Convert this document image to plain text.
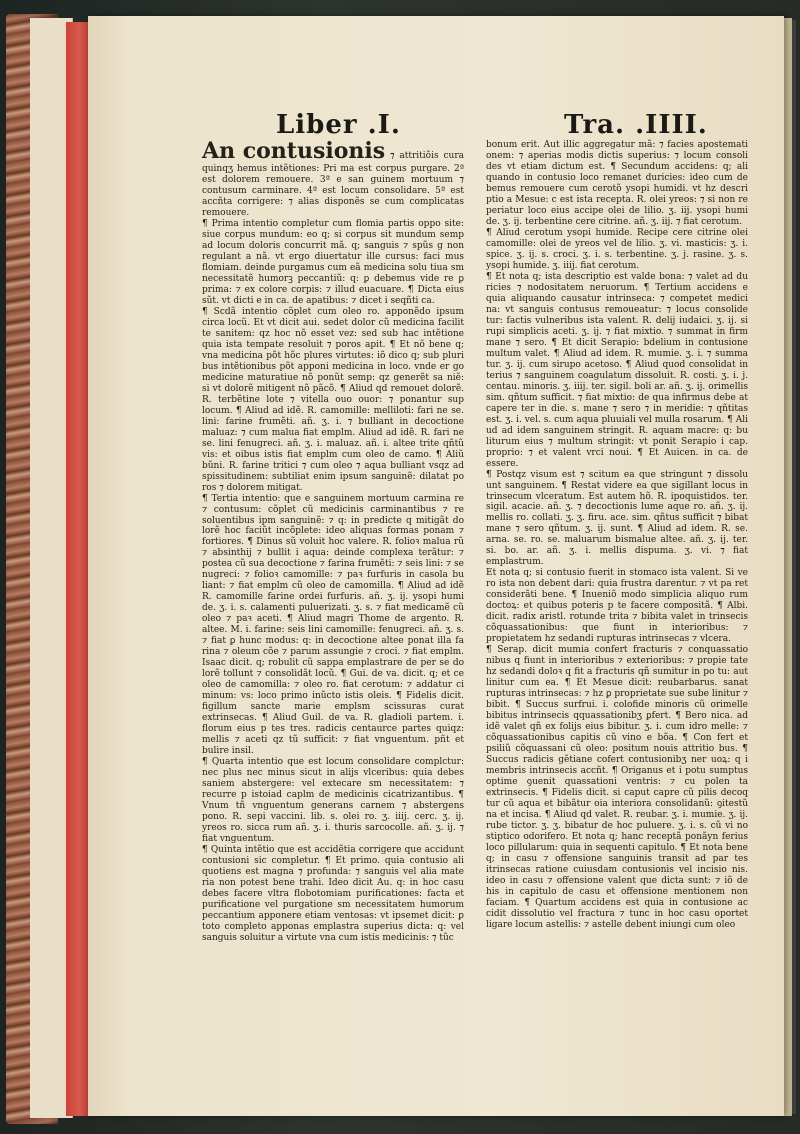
Liber .I.	Tra. .IIII.
An contusionis ⁊ attritiõis cura quinqʒ hemus intẽtiones: Pri ma est corpus purgare. 2ª est dolorem remouere. 3ª e san guinem mortuum ⁊ contusum carminare. 4ª est locum consolidare. 5ª est accñta corrigere: ⁊ alias disponẽs se cum complicatas remouere.

¶ Prima intentio completur cum flomia partis oppo site: siue corpus mundum: eo q; si corpus sit mundum semp ad locum doloris concurrit mã. q; sanguis ⁊ spũs g non regulant a nã. vt ergo diuertatur ille cursus: faci mus flomiam. deinde purgamus cum eã medicina solu tiua sm necessitatẽ humorꝫ peccantiũ: q: ꝑ debemus vide re ꝑ prima: ⁊ ex colore corpis: ⁊ illud euacuare. ¶ Dicta eius sũt. vt dicti e in ca. de apatibus: ⁊ dicet i seqñti ca.

¶ Scdã intentio cõplet cum oleo ro. apponẽdo ipsum circa locũ. Et vt dicit aui. sedet dolor cũ medicina facilit te sanitem: qz hoc nõ esset vez: sed sub hac intẽtione quia ista tempate resoluit ⁊ poros apit. ¶ Et nõ bene q; vna medicina põt hõc plures virtutes: iõ dico q; sub pluri bus intẽtionibus põt apponi medicina in loco. vnde er go medicine maturatiue nõ ponũt semp: qz generẽt sa niẽ: si vt dolorẽ mitigent nõ pãcõ. ¶ Aliud qd remouet dolorẽ. R. terbẽtine lote ⁊ vitella ouo ouor: ⁊ ponantur sup locum. ¶ Aliud ad idẽ. R. camomille: melliloti: fari ne se. lini: farine frumẽti. añ. ʒ. i. ⁊ bulliant in decoctione maluaz: ⁊ cum malua fiat emplm. Aliud ad idẽ. R. fari ne se. lini fenugreci. añ. ʒ. i. maluaz. añ. i. altee trite qñtũ vis: et oibus istis fiat emplm cum oleo de camo. ¶ Aliũ bũni. R. farine tritici ⁊ cum oleo ⁊ aqua bulliant vsqz ad spissitudinem: subtiliat enim ipsum sanguinẽ: dilatat po ros ⁊ dolorem mitigat.

¶ Tertia intentio: que e sanguinem mortuum carmina re ⁊ contusum: cõplet cũ medicinis carminantibus ⁊ re soluentibus ipm sanguinẽ: ⁊ q: in predicte q mitigãt do lorẽ hoc faciũt incõplete: ideo aliquas formas ponam ⁊ fortiores. ¶ Dinus sũ voluit hoc valere. R. folioꝛ malua rũ ⁊ absinthij ⁊ bullit i aqua: deinde complexa terãtur: ⁊ postea cũ sua decoctione ⁊ farina frumẽti: ⁊ seis lini: ⁊ se nugreci: ⁊ folioꝛ camomille: ⁊ paꝛ furfuris in casola bu liant: ⁊ fiat emplm cũ oleo de camomilla. ¶ Aliud ad idẽ R. camomille farine ordei furfuris. añ. ʒ. ij. ysopi humi de. ʒ. i. s. calamenti puluerizati. ʒ. s. ⁊ fiat medicamẽ cũ oleo ⁊ paꝛ aceti. ¶ Aliud magri Thome de argento. R. altee. M. i. farine: seis lini camomille: fenugreci. añ. ʒ. s. ⁊ fiat ꝑ hunc modus: q: in decoctione altee ponat illa fa rina ⁊ oleum cõe ⁊ parum assungie ⁊ croci. ⁊ fiat emplm. Isaac dicit. q; robulit cũ sappa emplastrare de per se do lorẽ tollunt ⁊ consolidãt locũ. ¶ Gui. de va. dicit. q; et ce oleo de camomilla: ⁊ oleo ro. fiat cerotum: ⁊ addatur ci minum: vs: loco primo inũcto istis oleis. ¶ Fidelis dicit. figillum sancte marie emplsm scissuras curat extrinsecas. ¶ Aliud Guil. de va. R. gladioli partem. i. florum eius p tes tres. radicis centaurce partes quiqz: mellis ⁊ aceti qz tũ sufficit: ⁊ fiat vnguentum. pñt et bulire insil.

¶ Quarta intentio que est locum consolidare complctur: nec plus nec minus sicut in alijs vlceribus: quia debes saniem abstergere: vel extecare sm necessitatem: ⁊ recurre p istoiad caplm de medicinis cicatrizantibus. ¶ Vnum tñ vnguentum generans carnem ⁊ abstergens pono. R. sepi vaccini. lib. s. olei ro. ʒ. iiij. cerc. ʒ. ij. yreos ro. sicca rum añ. ʒ. i. thuris sarcocolle. añ. ʒ. ij. ⁊ fiat vnguentum.

¶ Quinta intẽtio que est accidẽtia corrigere que accidunt contusioni sic completur. ¶ Et primo. quia contusio ali quotiens est magna ⁊ profunda: ⁊ sanguis vel alia mate ria non potest bene trahi. Ideo dicit Au. q: in hoc casu debes facere vltra flobotomiam purificationes: facta et purificatione vel purgatione sm necessitatem humorum peccantium apponere etiam ventosas: vt ipsemet dicit: ꝑ toto completo apponas emplastra superius dicta: q: vel sanguis soluitur a virtute vna cum istis medicinis: ⁊ tũc

bonum erit. Aut illic aggregatur mã: ⁊ facies apostemati onem: ⁊ aperias modis dictis superius: ⁊ locum consoli des vt etiam dictum est. ¶ Secundum accidens: q; ali quando in contusio loco remanet duricies: ideo cum de bemus remouere cum cerotõ ysopi humidi. vt hz descri ptio a Mesue: c est ista recepta. R. olei yreos: ⁊ si non re periatur loco eius accipe olei de lilio. ʒ. iij. ysopi humi de. ʒ. ij. terbentine cere citrine. añ. ʒ. iij. ⁊ fiat cerotum.

¶ Aliud cerotum ysopi humide. Recipe cere citrine olei camomille: olei de yreos vel de lilio. ʒ. vi. masticis: ʒ. i. spice. ʒ. ij. s. croci. ʒ. i. s. terbentine. ʒ. j. rasine. ʒ. s. ysopi humide. ʒ. iiij. fiat cerotum.

¶ Et nota q; ista descriptio est valde bona: ⁊ valet ad du ricies ⁊ nodositatem neruorum. ¶ Tertium accidens e quia aliquando causatur intrinseca: ⁊ competet medici na: vt sanguis contusus remoueatur: ⁊ locus consolide tur: factis vulneribus ista valent. R. delij iudaici. ʒ. ij. si rupi simplicis aceti. ʒ. ij. ⁊ fiat mixtio. ⁊ summat in firm mane ⁊ sero. ¶ Et dicit Serapio: bdelium in contusione multum valet. ¶ Aliud ad idem. R. mumie. ʒ. i. ⁊ summa tur. ʒ. ij. cum sirupo acetoso. ¶ Aliud quod consolidat in terius ⁊ sanguinem coagulatum dissoluit. R. costi. ʒ. i. j. centau. minoris. ʒ. iiij. ter. sigil. boli ar. añ. ʒ. ij. orimellis sim. qñtum sufficit. ⁊ fiat mixtio: de qua infirmus debe at capere ter in die. s. mane ⁊ sero ⁊ in meridie: ⁊ qñtitas est. ʒ. i. vel. s. cum aqua pluuiali vel mulla rosarum. ¶ Ali ud ad idem sanguinem stringit. R. aquam macre: q: bu liturum eius ⁊ multum stringit: vt ponit Serapio i cap. proprio: ⁊ et valent vrci noui. ¶ Et Auicen. in ca. de essere.

¶ Postqz visum est ⁊ scitum ea que stringunt ⁊ dissolu unt sanguinem. ¶ Restat videre ea que sigillant locus in trinsecum vlceratum. Est autem hõ. R. ipoquistidos. ter. sigil. acacie. añ. ʒ. ⁊ decoctionis lume aque ro. añ. ʒ. ij. mellis ro. collati. ʒ. ʒ. firu. ace. sim. qñtus sufficit ⁊ bibat mane ⁊ sero qñtum. ʒ. ij. sunt. ¶ Aliud ad idem. R. se. arna. se. ro. se. maluarum bismalue altee. añ. ʒ. ij. ter. si. bo. ar. añ. ʒ. i. mellis dispuma. ʒ. vi. ⁊ fiat emplastrum.

Et nota q; si contusio fuerit in stomaco ista valent. Si ve ro ista non debent dari: quia frustra darentur. ⁊ vt pa ret considerãti bene. ¶ Inueniõ modo simplicia aliquo rum doctoꝝ: et quibus poteris p te facere compositã. ¶ Albi. dicit. radix aristl. rotunde trita ⁊ bibita valet in trinsecis cõquassationibus: que fiunt in interioribus: ⁊ propietatem hz sedandi rupturas intrinsecas ⁊ vlcera.

¶ Serap. dicit mumia confert fracturis ⁊ conquassatio nibus q fiunt in interioribus ⁊ exterioribus: ⁊ propie tate hz sedandi doloꝛ q fit a fracturis qñ sumitur in po tu: aut linitur cum ea. ¶ Et Mesue dicit: reubarbarus. sanat rupturas intrinsecas: ⁊ hz ꝑ proprietate sue sube linitur ⁊ bibit. ¶ Succus surfrui. i. colofide minoris cũ orimelle bibitus intrinsecis qquassationibʒ ꝑfert. ¶ Bero nica. ad idẽ valet qñ ex folijs eius bibitur. ʒ. i. cum idro melle: ⁊ cõquassationibus capitis cũ vino e bõa. ¶ Con fert et psiliũ cõquassani cũ oleo: positum nouis attritio bus. ¶ Succus radicis gẽtiane cofert contusionibʒ ner uoꝝ: q i membris intrinsecis accñt. ¶ Origanus et i potu sumptus optime ꝯuenit quassationi ventris: ⁊ cu polen ta extrinsecis. ¶ Fidelis dicit. si caput capre cũ pilis decoq tur cũ aqua et bibãtur oia interiora consolidanũ: ꝯitestũ na et incisa. ¶ Aliud qd valet. R. reubar. ʒ. i. mumie. ʒ. ij. rube tictor. ʒ. ʒ. bibatur de hoc puluere. ʒ. i. s. cũ vi no stiptico odorifero. Et nota q; hanc receptã ponãyn ferius loco pillularum: quia in sequenti capitulo. ¶ Et nota bene q; in casu ⁊ offensione sanguinis transit ad par tes itrinsecas ratione cuiusdam contusionis vel incisio nis. ideo in casu ⁊ offensione valent que dicta sunt: ⁊ iõ de his in capitulo de casu et offensione mentionem non faciam. ¶ Quartum accidens est quia in contusione ac cidit dissolutio vel fractura ⁊ tunc in hoc casu oportet ligare locum astellis: ⁊ astelle debent iniungi cum oleo
